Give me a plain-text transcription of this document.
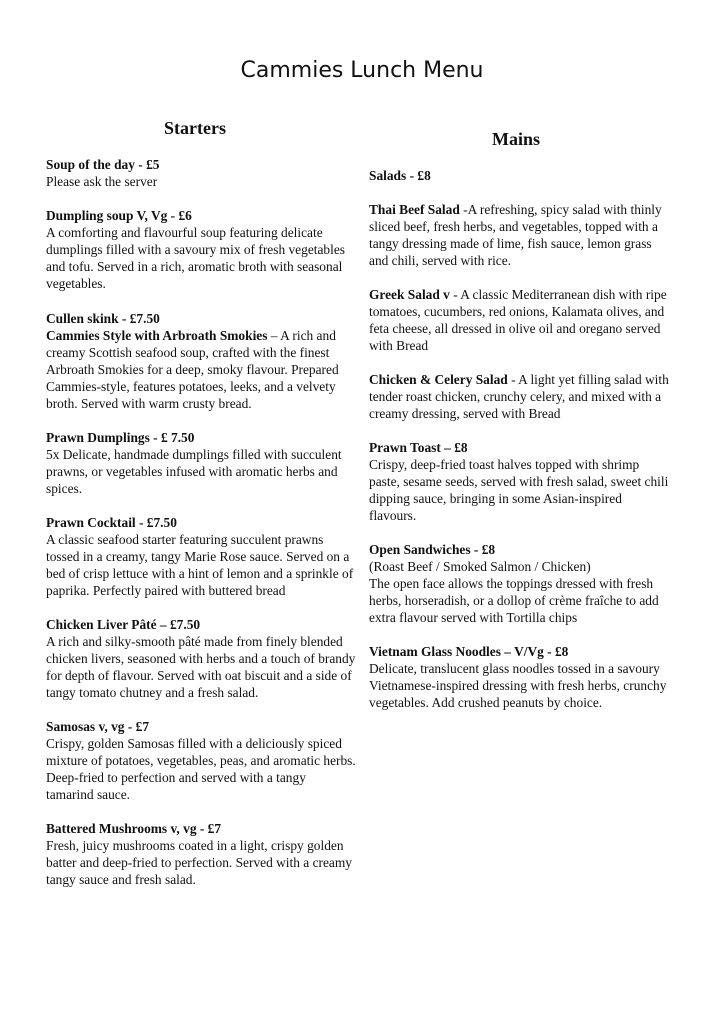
Cammies Lunch Menu
Starters
Mains
Soup of the day - £5
Please ask the server
Dumpling soup V, Vg - £6
A comforting and flavourful soup featuring delicate dumplings filled with a savoury mix of fresh vegetables and tofu. Served in a rich, aromatic broth with seasonal vegetables.
Cullen skink - £7.50
Cammies Style with Arbroath Smokies – A rich and creamy Scottish seafood soup, crafted with the finest Arbroath Smokies for a deep, smoky flavour. Prepared Cammies-style, features potatoes, leeks, and a velvety broth. Served with warm crusty bread.
Prawn Dumplings - £ 7.50
5x Delicate, handmade dumplings filled with succulent prawns, or vegetables infused with aromatic herbs and spices.
Prawn Cocktail - £7.50
A classic seafood starter featuring succulent prawns tossed in a creamy, tangy Marie Rose sauce. Served on a bed of crisp lettuce with a hint of lemon and a sprinkle of paprika. Perfectly paired with buttered bread
Chicken Liver Pâté – £7.50
A rich and silky-smooth pâté made from finely blended chicken livers, seasoned with herbs and a touch of brandy for depth of flavour. Served with oat biscuit and a side of tangy tomato chutney and a fresh salad.
Samosas v, vg - £7
Crispy, golden Samosas filled with a deliciously spiced mixture of potatoes, vegetables, peas, and aromatic herbs. Deep-fried to perfection and served with a tangy tamarind sauce.
Battered Mushrooms v, vg - £7
Fresh, juicy mushrooms coated in a light, crispy golden batter and deep-fried to perfection. Served with a creamy tangy sauce and fresh salad.
Salads - £8
Thai Beef Salad -A refreshing, spicy salad with thinly sliced beef, fresh herbs, and vegetables, topped with a tangy dressing made of lime, fish sauce, lemon grass and chili, served with rice.
Greek Salad v - A classic Mediterranean dish with ripe tomatoes, cucumbers, red onions, Kalamata olives, and feta cheese, all dressed in olive oil and oregano served with Bread
Chicken & Celery Salad - A light yet filling salad with tender roast chicken, crunchy celery, and mixed with a creamy dressing, served with Bread
Prawn Toast – £8
Crispy, deep-fried toast halves topped with shrimp paste, sesame seeds, served with fresh salad, sweet chili dipping sauce, bringing in some Asian-inspired flavours.
Open Sandwiches - £8
(Roast Beef / Smoked Salmon / Chicken)
The open face allows the toppings dressed with fresh herbs, horseradish, or a dollop of crème fraîche to add extra flavour served with Tortilla chips
Vietnam Glass Noodles – V/Vg - £8
Delicate, translucent glass noodles tossed in a savoury Vietnamese-inspired dressing with fresh herbs, crunchy vegetables. Add crushed peanuts by choice.
